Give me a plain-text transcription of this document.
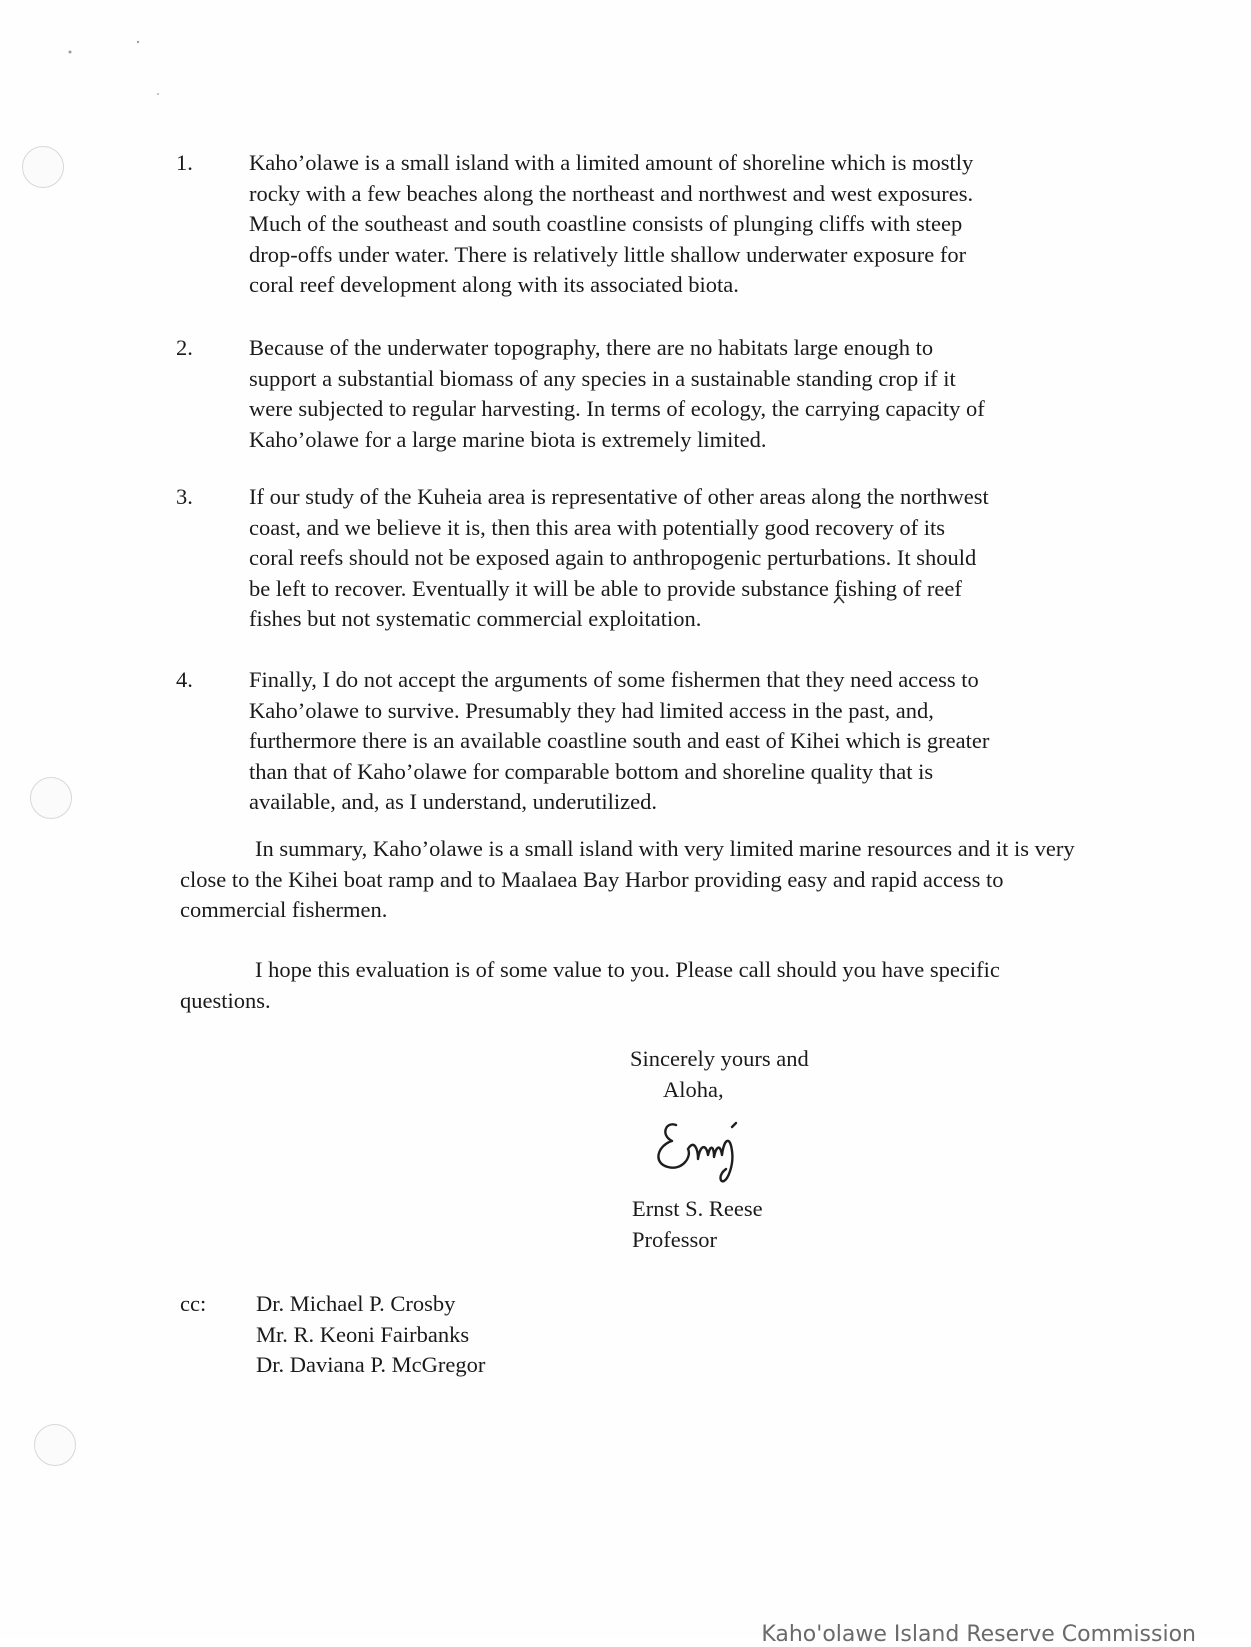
1. Kaho’olawe is a small island with a limited amount of shoreline which is mostly
rocky with a few beaches along the northeast and northwest and west exposures.
Much of the southeast and south coastline consists of plunging cliffs with steep
drop-offs under water. There is relatively little shallow underwater exposure for
coral reef development along with its associated biota.
2. Because of the underwater topography, there are no habitats large enough to
support a substantial biomass of any species in a sustainable standing crop if it
were subjected to regular harvesting. In terms of ecology, the carrying capacity of
Kaho’olawe for a large marine biota is extremely limited.
3. If our study of the Kuheia area is representative of other areas along the northwest
coast, and we believe it is, then this area with potentially good recovery of its
coral reefs should not be exposed again to anthropogenic perturbations. It should
be left to recover. Eventually it will be able to provide substance fishing of reef
fishes but not systematic commercial exploitation.
4. Finally, I do not accept the arguments of some fishermen that they need access to
Kaho’olawe to survive. Presumably they had limited access in the past, and,
furthermore there is an available coastline south and east of Kihei which is greater
than that of Kaho’olawe for comparable bottom and shoreline quality that is
available, and, as I understand, underutilized.
In summary, Kaho’olawe is a small island with very limited marine resources and it is very close to the Kihei boat ramp and to Maalaea Bay Harbor providing easy and rapid access to commercial fishermen.
I hope this evaluation is of some value to you. Please call should you have specific questions.
Sincerely yours and
Aloha,
Ernst S. Reese
Professor
cc: Dr. Michael P. Crosby
Mr. R. Keoni Fairbanks
Dr. Daviana P. McGregor
Kaho'olawe Island Reserve Commission
